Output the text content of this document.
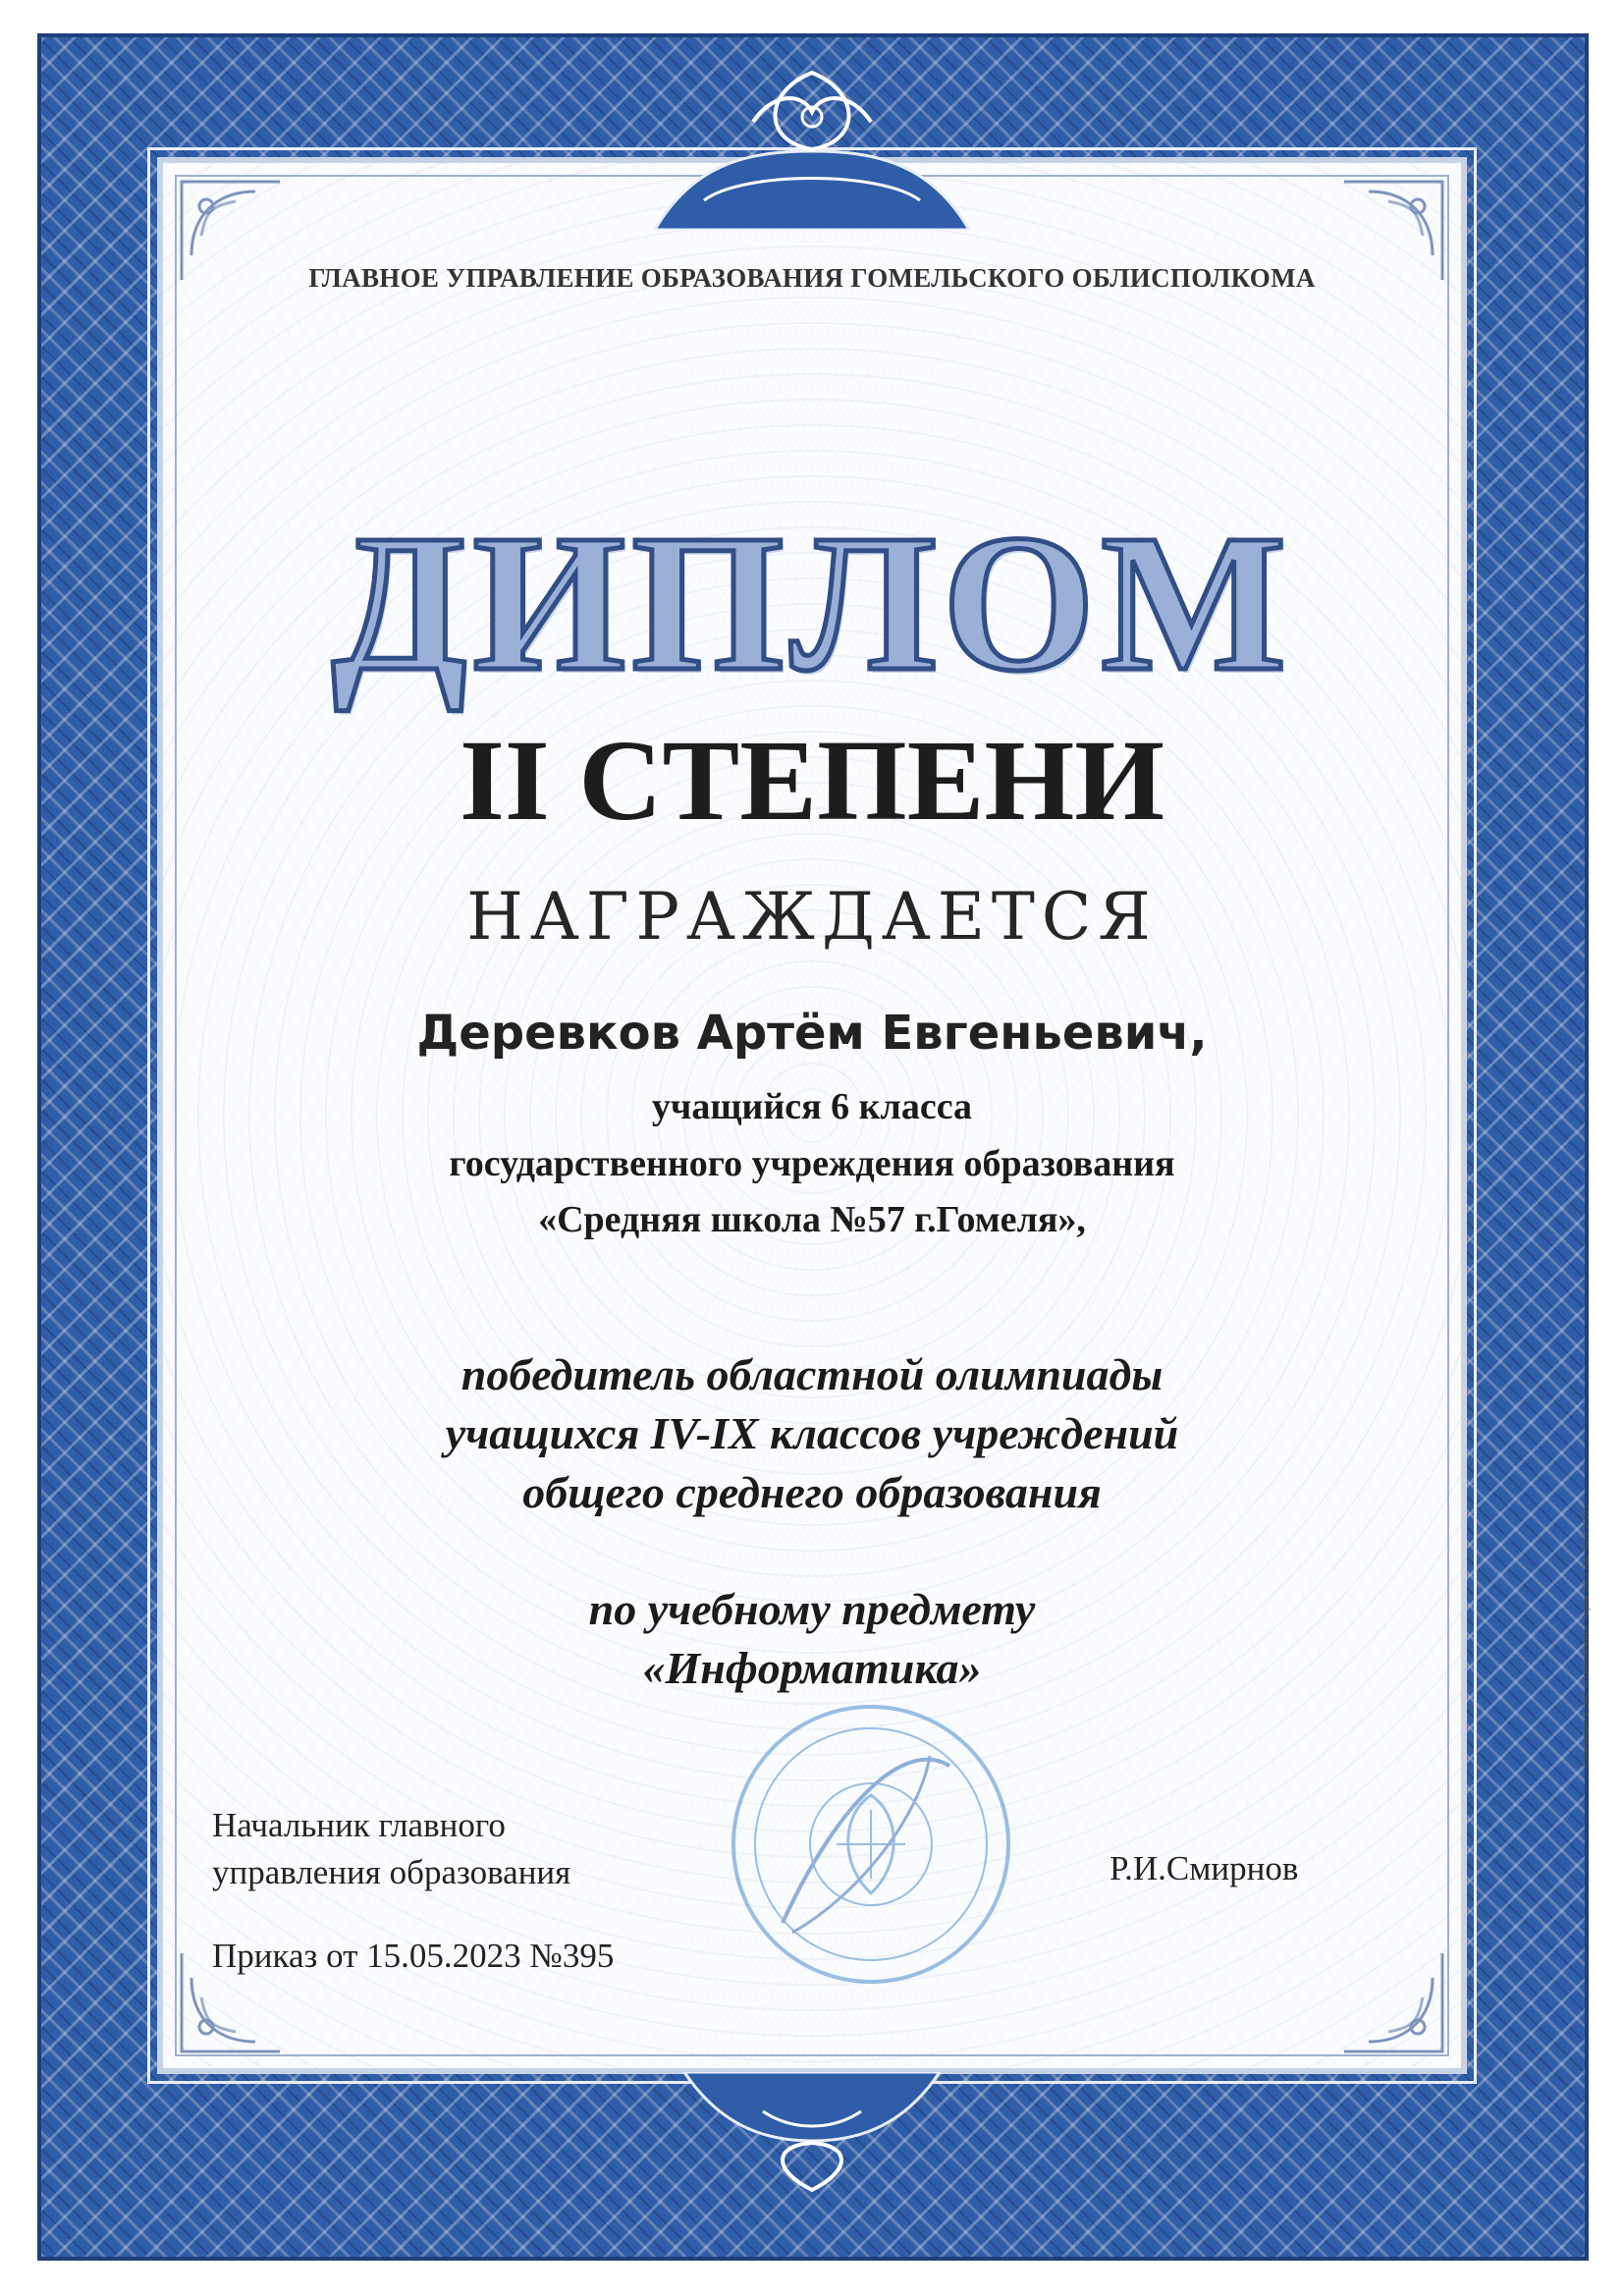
ГЛАВНОЕ УПРАВЛЕНИЕ ОБРАЗОВАНИЯ ГОМЕЛЬСКОГО ОБЛИСПОЛКОМА
ДИПЛОМ
II СТЕПЕНИ
НАГРАЖДАЕТСЯ
Деревков Артём Евгеньевич,
учащийся 6 класса
государственного учреждения образования
«Средняя школа №57 г.Гомеля»,
победитель областной олимпиады
учащихся IV-IX классов учреждений
общего среднего образования
по учебному предмету
«Информатика»
Начальник главного
управления образования	Р.И.Смирнов
Приказ от 15.05.2023 №395
Отпечатано в ОАО «Полеспечать». Тираж 2023 Зак. 6933 2022 г.
